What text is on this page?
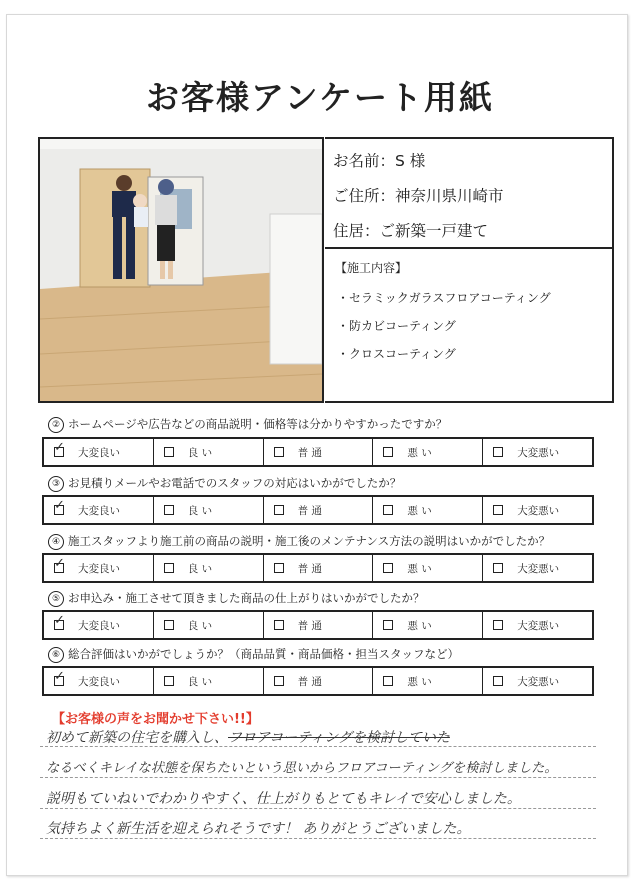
お客様アンケート用紙
お名前：S 様
ご住所：神奈川県川崎市
住居：ご新築一戸建て
【施工内容】
・セラミックガラスフロアコーティング
・防カビコーティング
・クロスコーティング
② ホームページや広告などの商品説明・価格等は分かりやすかったですか？
✓
大変良い	良 い	普 通	悪 い	大変悪い
③ お見積りメールやお電話でのスタッフの対応はいかがでしたか？
✓
大変良い	良 い	普 通	悪 い	大変悪い
④ 施工スタッフより施工前の商品の説明・施工後のメンテナンス方法の説明はいかがでしたか？
✓
大変良い	良 い	普 通	悪 い	大変悪い
⑤ お申込み・施工させて頂きました商品の仕上がりはいかがでしたか？
✓
大変良い	良 い	普 通	悪 い	大変悪い
⑥ 総合評価はいかがでしょうか？（商品品質・商品価格・担当スタッフなど）
✓
大変良い	良 い	普 通	悪 い	大変悪い
【お客様の声をお聞かせ下さい!!】
初めて新築の住宅を購入し、フロアコーティングを検討していた
なるべくキレイな状態を保ちたいという思いからフロアコーティングを検討しました。
説明もていねいでわかりやすく、仕上がりもとてもキレイで安心しました。
気持ちよく新生活を迎えられそうです！ ありがとうございました。
